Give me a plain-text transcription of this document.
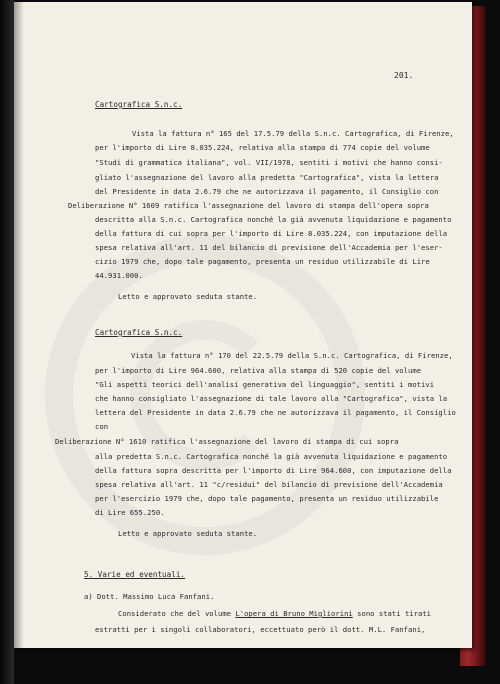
201.
Cartografica S.n.c.
Vista la fattura n° 165 del 17.5.79 della S.n.c. Cartografica, di Firenze,
per l'importo di Lire 8.035.224, relativa alla stampa di 774 copie del volume
"Studi di grammatica italiana", vol. VII/1978, sentiti i motivi che hanno consi-
gliato l'assegnazione del lavoro alla predetta "Cartografica", vista la lettera
del Presidente in data 2.6.79 che ne autorizzava il pagamento, il Consiglio con
Deliberazione N° 1609 ratifica l'assegnazione del lavoro di stampa dell'opera sopra
descritta alla S.n.c. Cartografica nonché la già avvenuta liquidazione e pagamento
della fattura di cui sopra per l'importo di Lire 8.035.224, con imputazione della
spesa relativa all'art. 11 del bilancio di previsione dell'Accademia per l'eser-
cizio 1979 che, dopo tale pagamento, presenta un residuo utilizzabile di Lire
44.931.000.
Letto e approvato seduta stante.
Cartografica S.n.c.
Vista la fattura n° 170 del 22.5.79 della S.n.c. Cartografica, di Firenze,
per l'importo di Lire 964.600, relativa alla stampa di 520 copie del volume
"Gli aspetti teorici dell'analisi generativa del linguaggio", sentiti i motivi
che hanno consigliato l'assegnazione di tale lavoro alla "Cartografica", vista la
lettera del Presidente in data 2.6.79 che ne autorizzava il pagamento, il Consiglio
con
Deliberazione N° 1610 ratifica l'assegnazione del lavoro di stampa di cui sopra
alla predetta S.n.c. Cartografica nonché la già avvenuta liquidazione e pagamento
della fattura sopra descritta per l'importo di Lire 964.600, con imputazione della
spesa relativa all'art. 11 "c/residui" del bilancio di previsione dell'Accademia
per l'esercizio 1979 che, dopo tale pagamento, presenta un residuo utilizzabile
di Lire 655.250.
Letto e approvato seduta stante.
5. Varie ed eventuali.
a) Dott. Massimo Luca Fanfani.
Considerato che del volume L'opera di Bruno Migliorini sono stati tirati
estratti per i singoli collaboratori, eccettuato però il dott. M.L. Fanfani,
